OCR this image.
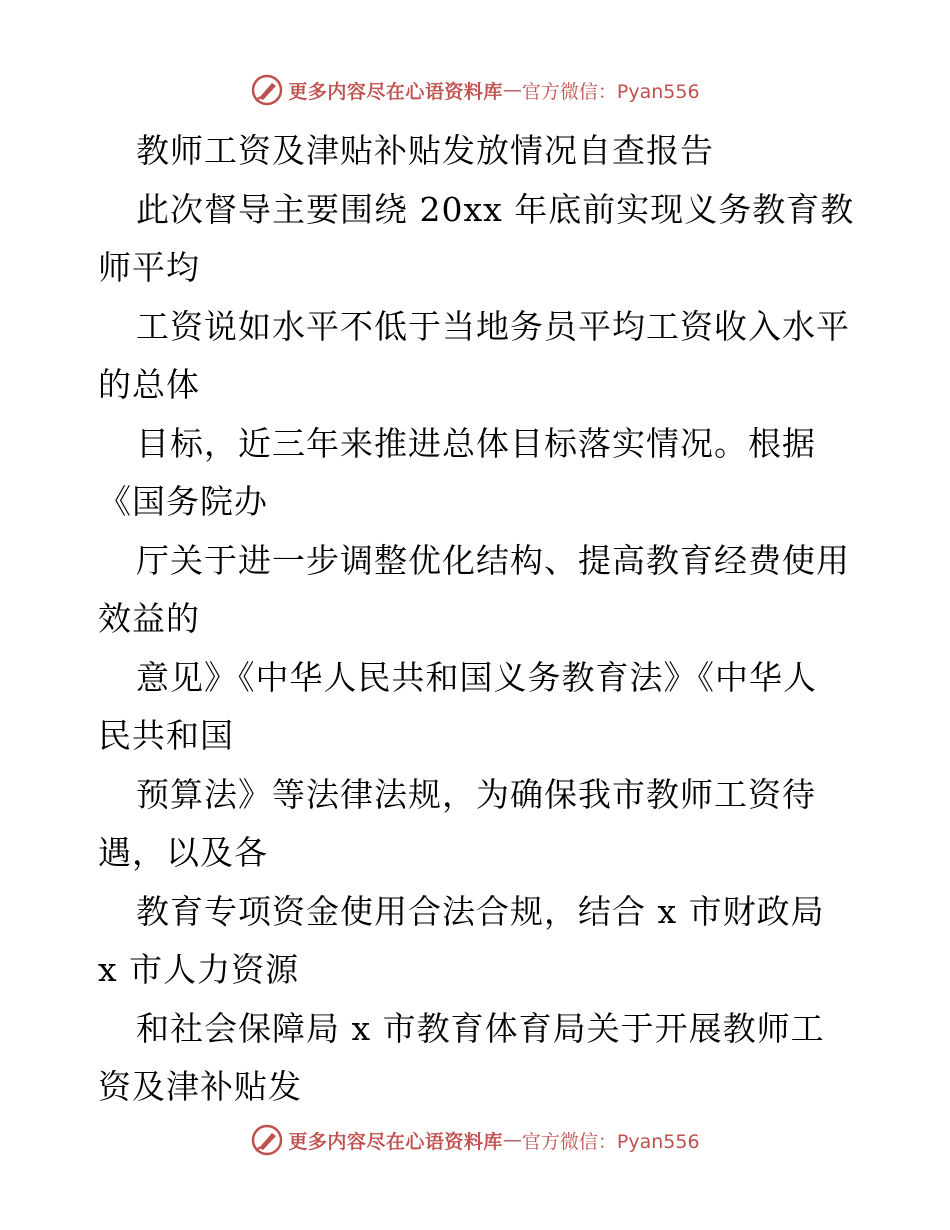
更多内容尽在心语资料库 — 官方微信：Pyan556
教师工资及津贴补贴发放情况自查报告
此次督导主要围绕 20xx 年底前实现义务教育教
师平均
工资说如水平不低于当地务员平均工资收入水平
的总体
目标，近三年来推进总体目标落实情况。根据
《国务院办
厅关于进一步调整优化结构、提高教育经费使用
效益的
意见》《中华人民共和国义务教育法》《中华人
民共和国
预算法》等法律法规，为确保我市教师工资待
遇，以及各
教育专项资金使用合法合规，结合 x 市财政局
x 市人力资源
和社会保障局 x 市教育体育局关于开展教师工
资及津补贴发
更多内容尽在心语资料库 — 官方微信：Pyan556
